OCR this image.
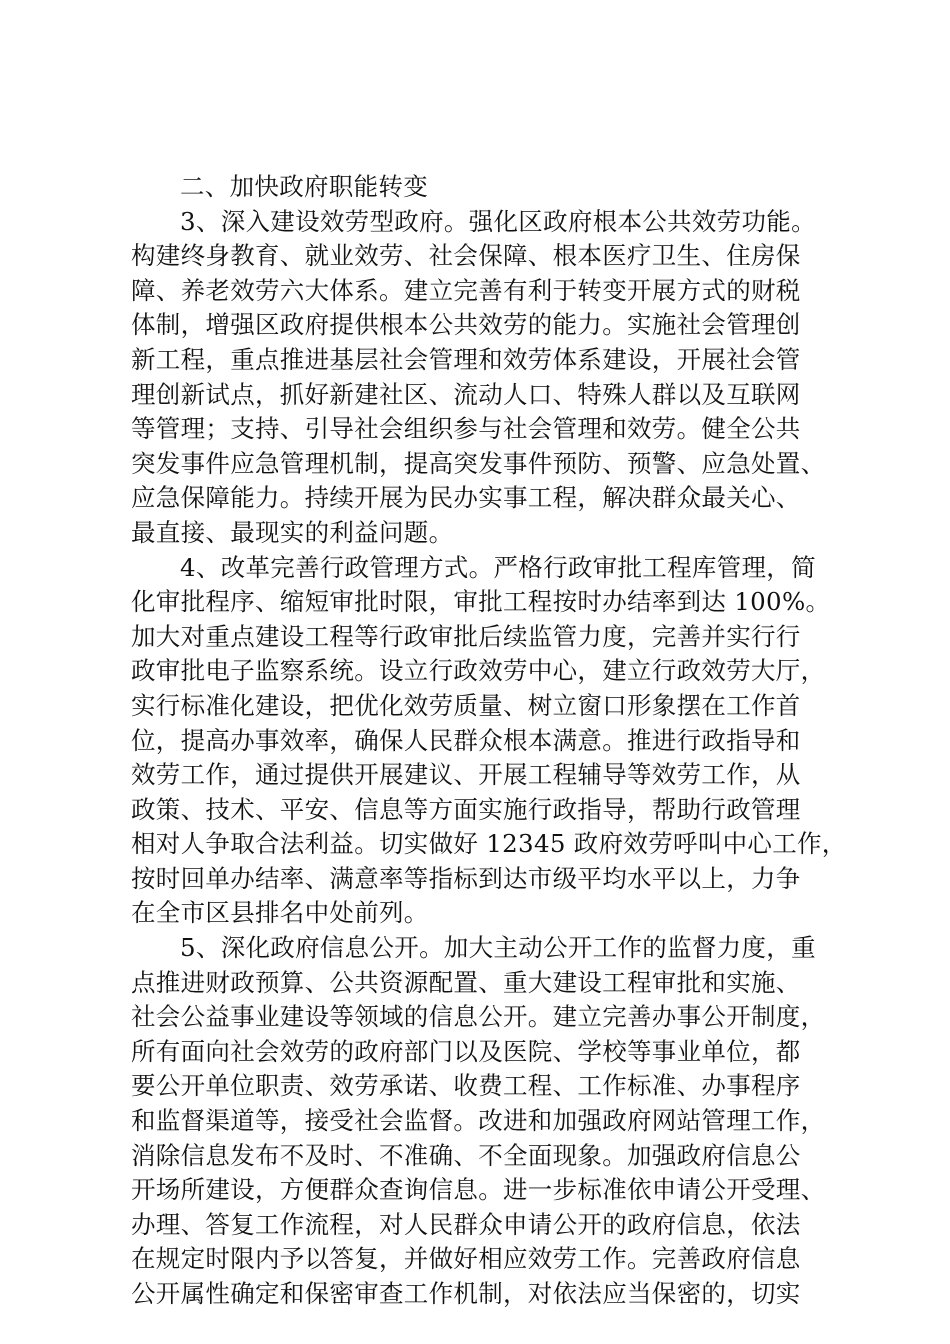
二、加快政府职能转变
3、深入建设效劳型政府。强化区政府根本公共效劳功能。
构建终身教育、就业效劳、社会保障、根本医疗卫生、住房保
障、养老效劳六大体系。建立完善有利于转变开展方式的财税
体制，增强区政府提供根本公共效劳的能力。实施社会管理创
新工程，重点推进基层社会管理和效劳体系建设，开展社会管
理创新试点，抓好新建社区、流动人口、特殊人群以及互联网
等管理；支持、引导社会组织参与社会管理和效劳。健全公共
突发事件应急管理机制，提高突发事件预防、预警、应急处置、
应急保障能力。持续开展为民办实事工程，解决群众最关心、
最直接、最现实的利益问题。
4、改革完善行政管理方式。严格行政审批工程库管理，简
化审批程序、缩短审批时限，审批工程按时办结率到达 100%。
加大对重点建设工程等行政审批后续监管力度，完善并实行行
政审批电子监察系统。设立行政效劳中心，建立行政效劳大厅，
实行标准化建设，把优化效劳质量、树立窗口形象摆在工作首
位，提高办事效率，确保人民群众根本满意。推进行政指导和
效劳工作，通过提供开展建议、开展工程辅导等效劳工作，从
政策、技术、平安、信息等方面实施行政指导，帮助行政管理
相对人争取合法利益。切实做好 12345 政府效劳呼叫中心工作，
按时回单办结率、满意率等指标到达市级平均水平以上，力争
在全市区县排名中处前列。
5、深化政府信息公开。加大主动公开工作的监督力度，重
点推进财政预算、公共资源配置、重大建设工程审批和实施、
社会公益事业建设等领域的信息公开。建立完善办事公开制度，
所有面向社会效劳的政府部门以及医院、学校等事业单位，都
要公开单位职责、效劳承诺、收费工程、工作标准、办事程序
和监督渠道等，接受社会监督。改进和加强政府网站管理工作，
消除信息发布不及时、不准确、不全面现象。加强政府信息公
开场所建设，方便群众查询信息。进一步标准依申请公开受理、
办理、答复工作流程，对人民群众申请公开的政府信息，依法
在规定时限内予以答复，并做好相应效劳工作。完善政府信息
公开属性确定和保密审查工作机制，对依法应当保密的，切实
